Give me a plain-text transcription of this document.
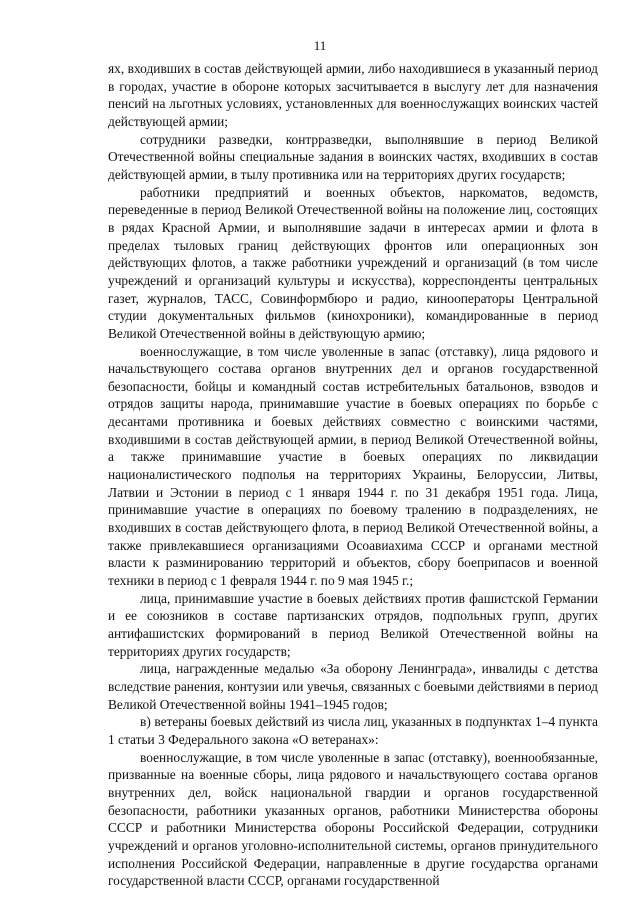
11

ях, входивших в состав действующей армии, либо находившиеся в указанный период в городах, участие в обороне которых засчитывается в выслугу лет для назначения пенсий на льготных условиях, установленных для военнослужащих воинских частей действующей армии;

сотрудники разведки, контрразведки, выполнявшие в период Великой Отечественной войны специальные задания в воинских частях, входивших в состав действующей армии, в тылу противника или на территориях других государств;

работники предприятий и военных объектов, наркоматов, ведомств, переведенные в период Великой Отечественной войны на положение лиц, состоящих в рядах Красной Армии, и выполнявшие задачи в интересах армии и флота в пределах тыловых границ действующих фронтов или операционных зон действующих флотов, а также работники учреждений и организаций (в том числе учреждений и организаций культуры и искусства), корреспонденты центральных газет, журналов, ТАСС, Совинформбюро и радио, кинооператоры Центральной студии документальных фильмов (кинохроники), командированные в период Великой Отечественной войны в действующую армию;

военнослужащие, в том числе уволенные в запас (отставку), лица рядового и начальствующего состава органов внутренних дел и органов государственной безопасности, бойцы и командный состав истребительных батальонов, взводов и отрядов защиты народа, принимавшие участие в боевых операциях по борьбе с десантами противника и боевых действиях совместно с воинскими частями, входившими в состав действующей армии, в период Великой Отечественной войны, а также принимавшие участие в боевых операциях по ликвидации националистического подполья на территориях Украины, Белоруссии, Литвы, Латвии и Эстонии в период с 1 января 1944 г. по 31 декабря 1951 года. Лица, принимавшие участие в операциях по боевому тралению в подразделениях, не входивших в состав действующего флота, в период Великой Отечественной войны, а также привлекавшиеся организациями Осоавиахима СССР и органами местной власти к разминированию территорий и объектов, сбору боеприпасов и военной техники в период с 1 февраля 1944 г. по 9 мая 1945 г.;

лица, принимавшие участие в боевых действиях против фашистской Германии и ее союзников в составе партизанских отрядов, подпольных групп, других антифашистских формирований в период Великой Отечественной войны на территориях других государств;

лица, награжденные медалью «За оборону Ленинграда», инвалиды с детства вследствие ранения, контузии или увечья, связанных с боевыми действиями в период Великой Отечественной войны 1941–1945 годов;

в) ветераны боевых действий из числа лиц, указанных в подпунктах 1–4 пункта 1 статьи 3 Федерального закона «О ветеранах»:

военнослужащие, в том числе уволенные в запас (отставку), военнообязанные, призванные на военные сборы, лица рядового и начальствующего состава органов внутренних дел, войск национальной гвардии и органов государственной безопасности, работники указанных органов, работники Министерства обороны СССР и работники Министерства обороны Российской Федерации, сотрудники учреждений и органов уголовно-исполнительной системы, органов принудительного исполнения Российской Федерации, направленные в другие государства органами государственной власти СССР, органами государственной
